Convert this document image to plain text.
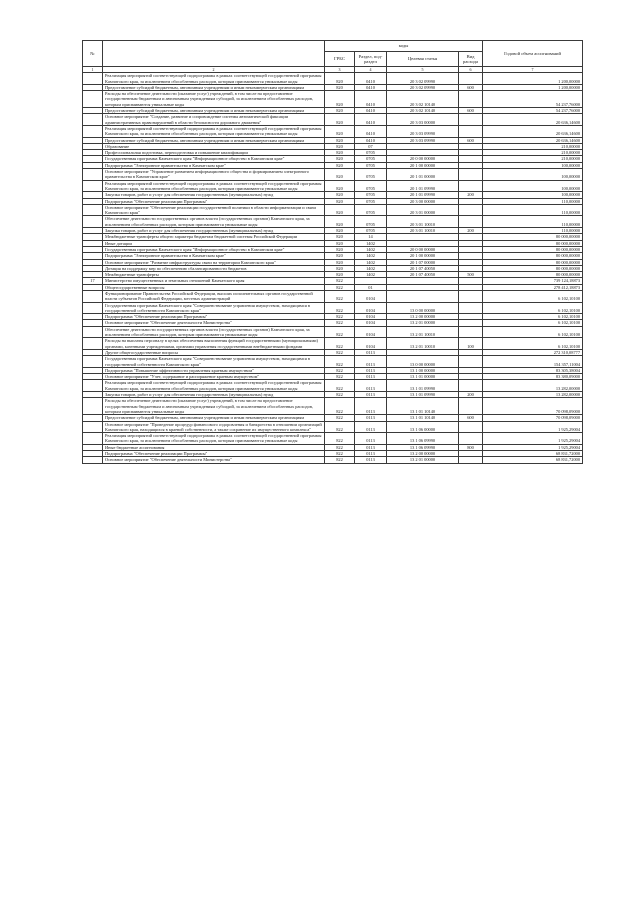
№		коды				Годовой объем ассигнований
		ГРБС	Раздел, под-раздел	Целевая статья	Вид расхода	
1	2	3	4	5	6	7
	Реализация мероприятий соответствующей подпрограммы в рамках соответствующей государственной программы Камчатского края, за исключением обособленных расходов, которым присваиваются уникальные коды	820	0410	20 3 02 09990		1 200,00000
	Предоставление субсидий бюджетным, автономным учреждениям и иным некоммерческим организациям	820	0410	20 3 02 09990	600	1 200,00000
	Расходы на обеспечение деятельности (оказание услуг) учреждений, в том числе на предоставление государственным бюджетным и автономным учреждениям субсидий, за исключением обособленных расходов, которым присваиваются уникальные коды	820	0410	20 3 02 10140		54 237,76000
	Предоставление субсидий бюджетным, автономным учреждениям и иным некоммерческим организациям	820	0410	20 3 02 10140	600	54 237,76000
	Основное мероприятие "Создание, развитие и сопровождение системы автоматической фиксации административных правонарушений в области безопасности дорожного движения"	820	0410	20 3 03 00000		20 636,14600
	Реализация мероприятий соответствующей подпрограммы в рамках соответствующей государственной программы Камчатского края, за исключением обособленных расходов, которым присваиваются уникальные коды	820	0410	20 3 03 09990		20 636,14600
	Предоставление субсидий бюджетным, автономным учреждениям и иным некоммерческим организациям	820	0410	20 3 03 09990	600	20 636,14600
	Образование	820	07			210,00000
	Профессиональная подготовка, переподготовка и повышение квалификации	820	0705			210,00000
	Государственная программа Камчатского края "Информационное общество в Камчатском крае"	820	0705	20 0 00 00000		210,00000
	Подпрограмма "Электронное правительство в Камчатском крае"	820	0705	20 1 00 00000		100,00000
	Основное мероприятие "Управление развитием информационного общества и формированием электронного правительства в Камчатском крае"	820	0705	20 1 01 00000		100,00000
	Реализация мероприятий соответствующей подпрограммы в рамках соответствующей государственной программы Камчатского края, за исключением обособленных расходов, которым присваиваются уникальные коды	820	0705	20 1 01 09990		100,00000
	Закупка товаров, работ и услуг для обеспечения государственных (муниципальных) нужд	820	0705	20 1 01 09990	200	100,00000
	Подпрограмма "Обеспечение реализации Программы"	820	0705	20 3 00 00000		110,00000
	Основное мероприятие "Обеспечение реализации государственной политики в области информатизации и связи Камчатского края"	820	0705	20 3 01 00000		110,00000
	Обеспечение деятельности государственных органов власти (государственных органов) Камчатского края, за исключением обособленных расходов, которым присваиваются уникальные коды	820	0705	20 3 01 10010		110,00000
	Закупка товаров, работ и услуг для обеспечения государственных (муниципальных) нужд	820	0705	20 3 01 10010	200	110,00000
	Межбюджетные трансферты общего характера бюджетам бюджетной системы Российской Федерации	820	14			80 000,00000
	Иные дотации	820	1402			80 000,00000
	Государственная программа Камчатского края "Информационное общество в Камчатском крае"	820	1402	20 0 00 00000		80 000,00000
	Подпрограмма "Электронное правительство в Камчатском крае"	820	1402	20 1 00 00000		80 000,00000
	Основное мероприятие "Развитие инфраструктуры связи на территории Камчатского края"	820	1402	20 1 07 00000		80 000,00000
	Дотация на поддержку мер по обеспечению сбалансированности бюджетов	820	1402	20 1 07 40050		80 000,00000
	Межбюджетные трансферты	820	1402	20 1 07 40050	500	80 000,00000
17	Министерство имущественных и земельных отношений Камчатского края	822				739 124,18873
	Общегосударственные вопросы	822	01			278 412,18873
	Функционирование Правительства Российской Федерации, высших исполнительных органов государственной власти субъектов Российской Федерации, местных администраций	822	0104			6 102,10100
	Государственная программа Камчатского края "Совершенствование управления имуществом, находящимся в государственной собственности Камчатского края"	822	0104	13 0 00 00000		6 102,10100
	Подпрограмма "Обеспечение реализации Программы"	822	0104	13 2 00 00000		6 102,10100
	Основное мероприятие "Обеспечение деятельности Министерства"	822	0104	13 2 01 00000		6 102,10100
	Обеспечение деятельности государственных органов власти (государственных органов) Камчатского края, за исключением обособленных расходов, которым присваиваются уникальные коды	822	0104	13 2 01 10010		6 102,10100
	Расходы на выплаты персоналу в целях обеспечения выполнения функций государственными (муниципальными) органами, казенными учреждениями, органами управления государственными внебюджетными фондами	822	0104	13 2 01 10010	100	6 102,10100
	Другие общегосударственные вопросы	822	0113			272 310,08777
	Государственная программа Камчатского края "Совершенствование управления имуществом, находящимся в государственной собственности Камчатского края"	822	0113	13 0 00 00000		154 357,11004
	Подпрограмма "Повышение эффективности управления краевым имуществом"	822	0113	13 1 00 00000		83 305,38004
	Основное мероприятие "Учет, содержание и распоряжение краевым имуществом"	822	0113	13 1 01 00000		83 380,09000
	Реализация мероприятий соответствующей подпрограммы в рамках соответствующей государственной программы Камчатского края, за исключением обособленных расходов, которым присваиваются уникальные коды	822	0113	13 1 01 09990		13 282,00000
	Закупка товаров, работ и услуг для обеспечения государственных (муниципальных) нужд	822	0113	13 1 01 09990	200	13 282,00000
	Расходы на обеспечение деятельности (оказание услуг) учреждений, в том числе на предоставление государственным бюджетным и автономным учреждениям субсидий, за исключением обособленных расходов, которым присваиваются уникальные коды	822	0113	13 1 01 10140		70 098,09000
	Предоставление субсидий бюджетным, автономным учреждениям и иным некоммерческим организациям	822	0113	13 1 01 10140	600	70 098,09000
	Основное мероприятие "Проведение процедур финансового оздоровления и банкротства в отношении организаций Камчатского края, находящихся в краевой собственности, а также сохранение их имущественного комплекса"	822	0113	13 1 06 00000		1 925,29004
	Реализация мероприятий соответствующей подпрограммы в рамках соответствующей государственной программы Камчатского края, за исключением обособленных расходов, которым присваиваются уникальные коды	822	0113	13 1 06 09990		1 925,29004
	Иные бюджетные ассигнования	822	0113	13 1 06 09990	800	1 925,29004
	Подпрограмма "Обеспечение реализации Программы"	822	0113	13 2 00 00000		68 831,72000
	Основное мероприятие "Обеспечение деятельности Министерства"	822	0113	13 2 01 00000		68 831,72000
